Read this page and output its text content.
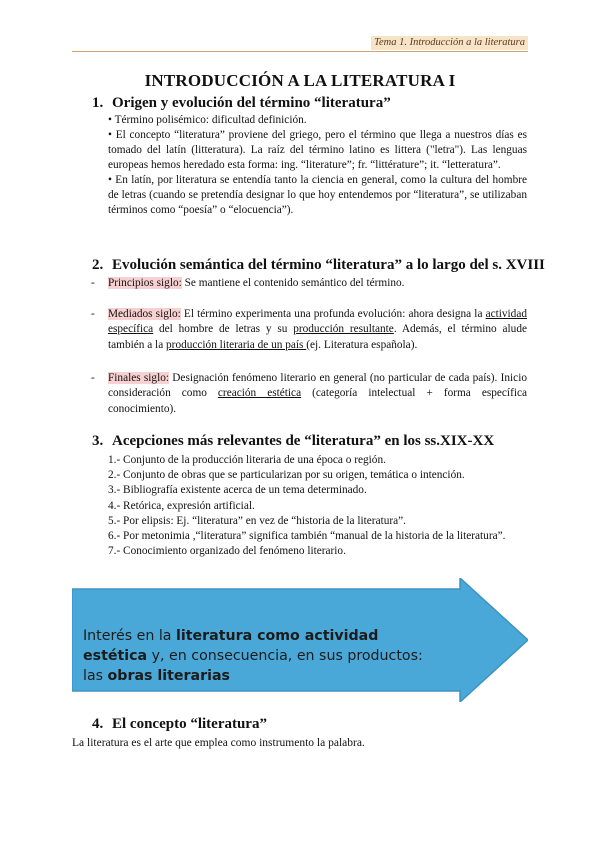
Tema 1. Introducción a la literatura
INTRODUCCIÓN A LA LITERATURA I
1. Origen y evolución del término “literatura”

• Término polisémico: dificultad definición.

• El concepto “literatura” proviene del griego, pero el término que llega a nuestros días es tomado del latín (litteratura). La raíz del término latino es littera ("letra"). Las lenguas europeas hemos heredado esta forma: ing. “literature”; fr. “littérature”; it. “letteratura”.

• En latín, por literatura se entendía tanto la ciencia en general, como la cultura del hombre de letras (cuando se pretendía designar lo que hoy entendemos por “literatura”, se utilizaban términos como “poesía” o “elocuencia”).

2. Evolución semántica del término “literatura” a lo largo del s. XVIII
- Principios siglo: Se mantiene el contenido semántico del término.
- Mediados siglo: El término experimenta una profunda evolución: ahora designa la actividad específica del hombre de letras y su producción resultante. Además, el término alude también a la producción literaria de un país (ej. Literatura española).
- Finales siglo: Designación fenómeno literario en general (no particular de cada país). Inicio consideración como creación estética (categoría intelectual + forma específica conocimiento).
3. Acepciones más relevantes de “literatura” en los ss.XIX-XX
1.- Conjunto de la producción literaria de una época o región.
2.- Conjunto de obras que se particularizan por su origen, temática o intención.
3.- Bibliografía existente acerca de un tema determinado.
4.- Retórica, expresión artificial.
5.- Por elipsis: Ej. “literatura” en vez de “historia de la literatura”.
6.- Por metonimia ,“literatura” significa también “manual de la historia de la literatura”.
7.- Conocimiento organizado del fenómeno literario.
Interés en la literatura como actividad estética y, en consecuencia, en sus productos: las obras literarias
4. El concepto “literatura”
La literatura es el arte que emplea como instrumento la palabra.
